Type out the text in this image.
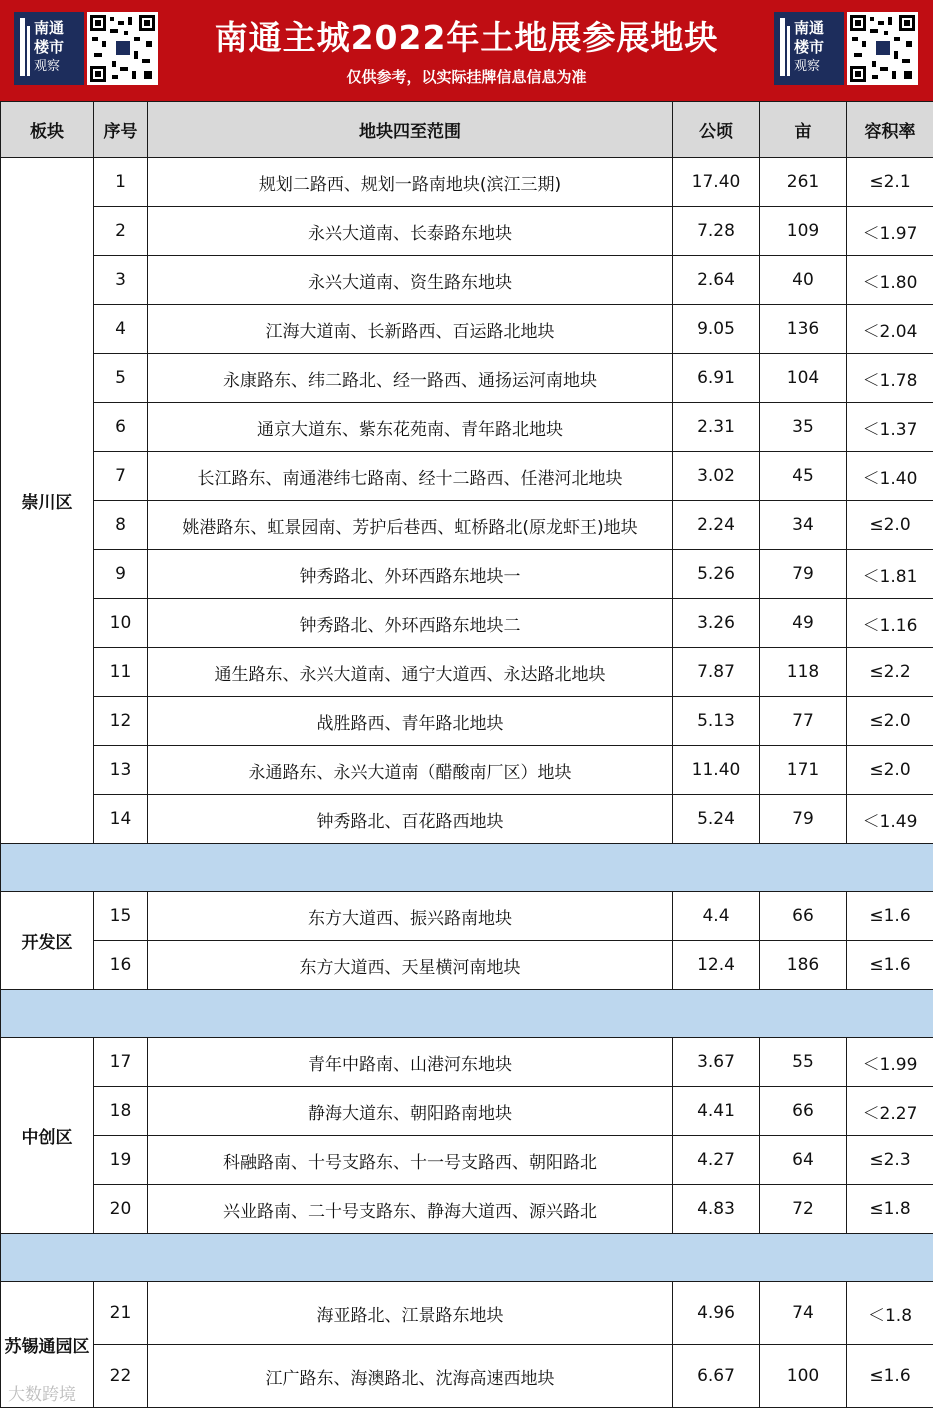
南通
楼市
观察
南通主城2022年土地展参展地块
仅供参考，以实际挂牌信息信息为准
南通
楼市
观察
板块	序号	地块四至范围	公顷	亩	容积率
崇川区	1	规划二路西、规划一路南地块(滨江三期)	17.40	261	≤2.1
	2	永兴大道南、长泰路东地块	7.28	109	＜1.97
	3	永兴大道南、资生路东地块	2.64	40	＜1.80
	4	江海大道南、长新路西、百运路北地块	9.05	136	＜2.04
	5	永康路东、纬二路北、经一路西、通扬运河南地块	6.91	104	＜1.78
	6	通京大道东、紫东花苑南、青年路北地块	2.31	35	＜1.37
	7	长江路东、南通港纬七路南、经十二路西、任港河北地块	3.02	45	＜1.40
	8	姚港路东、虹景园南、芳护后巷西、虹桥路北(原龙虾王)地块	2.24	34	≤2.0
	9	钟秀路北、外环西路东地块一	5.26	79	＜1.81
	10	钟秀路北、外环西路东地块二	3.26	49	＜1.16
	11	通生路东、永兴大道南、通宁大道西、永达路北地块	7.87	118	≤2.2
	12	战胜路西、青年路北地块	5.13	77	≤2.0
	13	永通路东、永兴大道南（醋酸南厂区）地块	11.40	171	≤2.0
	14	钟秀路北、百花路西地块	5.24	79	＜1.49

开发区	15	东方大道西、振兴路南地块	4.4	66	≤1.6
	16	东方大道西、天星横河南地块	12.4	186	≤1.6

中创区	17	青年中路南、山港河东地块	3.67	55	＜1.99
	18	静海大道东、朝阳路南地块	4.41	66	＜2.27
	19	科融路南、十号支路东、十一号支路西、朝阳路北	4.27	64	≤2.3
	20	兴业路南、二十号支路东、静海大道西、源兴路北	4.83	72	≤1.8

苏锡通园区	21	海亚路北、江景路东地块	4.96	74	＜1.8
	22	江广路东、海澳路北、沈海高速西地块	6.67	100	≤1.6
大数跨境
